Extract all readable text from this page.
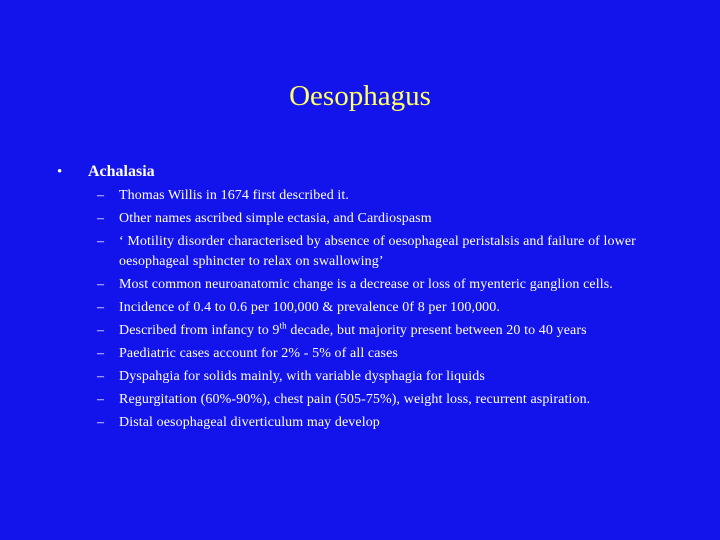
Oesophagus
• Achalasia
– Thomas Willis in 1674 first described it.
– Other names ascribed simple ectasia, and Cardiospasm
– ‘ Motility disorder characterised by absence of oesophageal peristalsis and failure of lower oesophageal sphincter to relax on swallowing’
– Most common neuroanatomic change is a decrease or loss of myenteric ganglion cells.
– Incidence of 0.4 to 0.6 per 100,000 & prevalence 0f 8 per 100,000.
– Described from infancy to 9th decade, but majority present between 20 to 40 years
– Paediatric cases account for 2% - 5% of all cases
– Dyspahgia for solids mainly, with variable dysphagia for liquids
– Regurgitation (60%-90%), chest pain (505-75%), weight loss, recurrent aspiration.
– Distal oesophageal diverticulum may develop
